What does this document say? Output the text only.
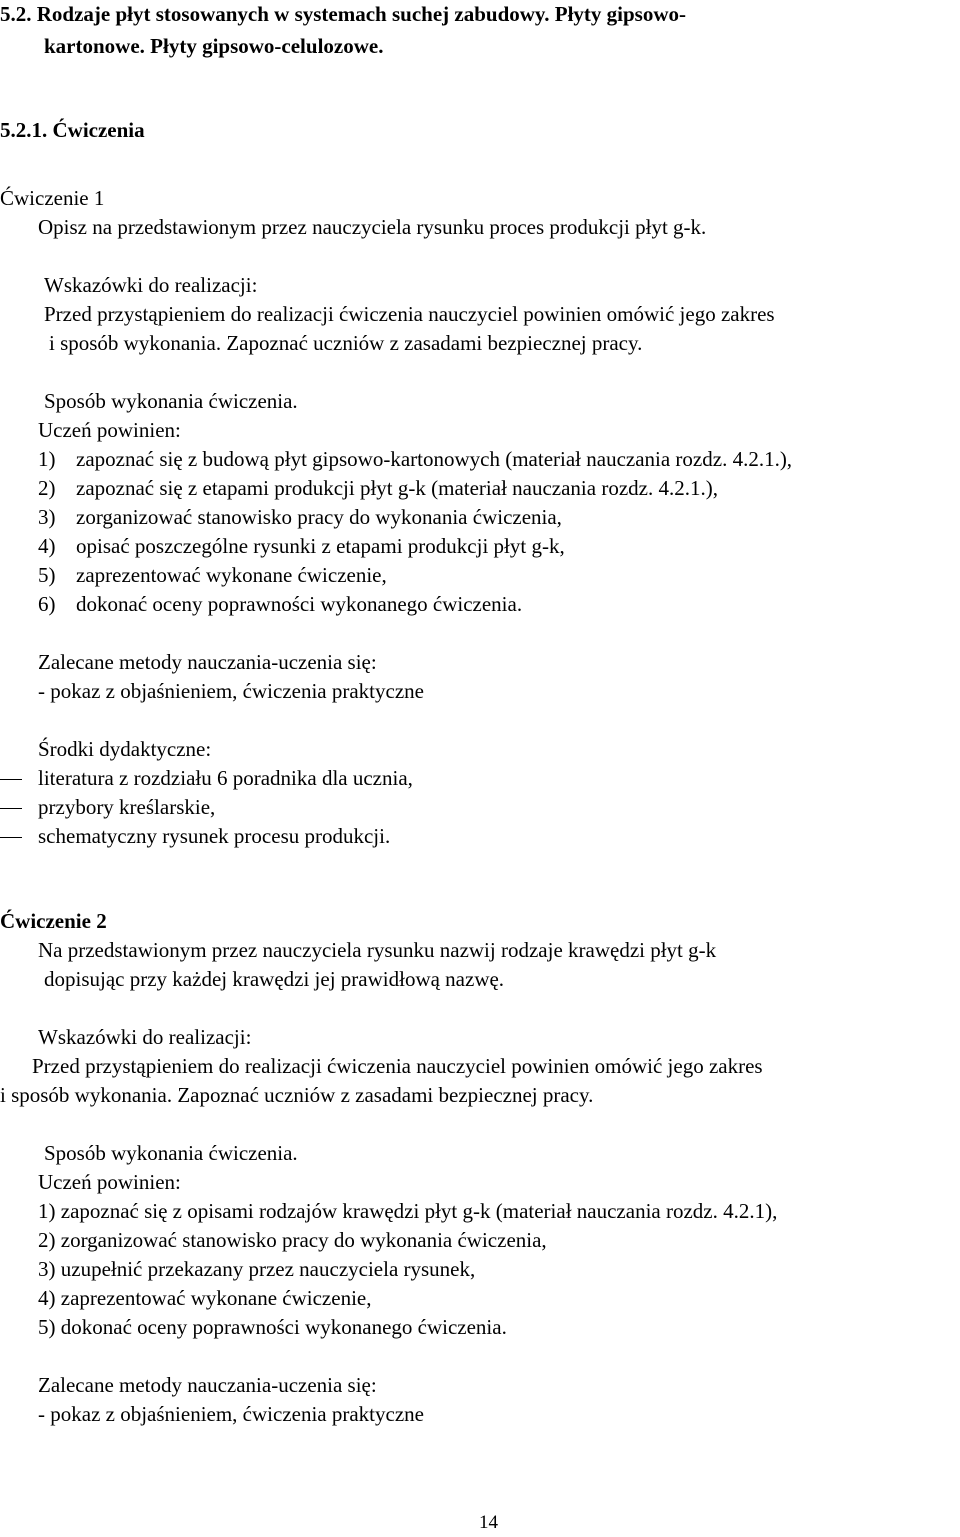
5.2. Rodzaje płyt stosowanych w systemach suchej zabudowy. Płyty gipsowo-
kartonowe. Płyty gipsowo-celulozowe.
5.2.1. Ćwiczenia
Ćwiczenie 1
Opisz na przedstawionym przez nauczyciela rysunku proces produkcji płyt g-k.
Wskazówki do realizacji:
Przed przystąpieniem do realizacji ćwiczenia nauczyciel powinien omówić jego zakres
i sposób wykonania. Zapoznać uczniów z zasadami bezpiecznej pracy.
Sposób wykonania ćwiczenia.
Uczeń powinien:
1) zapoznać się z budową płyt gipsowo-kartonowych (materiał nauczania rozdz. 4.2.1.),
2) zapoznać się z etapami produkcji płyt g-k (materiał nauczania rozdz. 4.2.1.),
3) zorganizować stanowisko pracy do wykonania ćwiczenia,
4) opisać poszczególne rysunki z etapami produkcji płyt g-k,
5) zaprezentować wykonane ćwiczenie,
6) dokonać oceny poprawności wykonanego ćwiczenia.
Zalecane metody nauczania-uczenia się:
- pokaz z objaśnieniem, ćwiczenia praktyczne
Środki dydaktyczne:
literatura z rozdziału 6 poradnika dla ucznia,
przybory kreślarskie,
schematyczny rysunek procesu produkcji.
Ćwiczenie 2
Na przedstawionym przez nauczyciela rysunku nazwij rodzaje krawędzi płyt g-k
dopisując przy każdej krawędzi jej prawidłową nazwę.
Wskazówki do realizacji:
Przed przystąpieniem do realizacji ćwiczenia nauczyciel powinien omówić jego zakres
i sposób wykonania. Zapoznać uczniów z zasadami bezpiecznej pracy.
Sposób wykonania ćwiczenia.
Uczeń powinien:
1) zapoznać się z opisami rodzajów krawędzi płyt g-k (materiał nauczania rozdz. 4.2.1),
2) zorganizować stanowisko pracy do wykonania ćwiczenia,
3) uzupełnić przekazany przez nauczyciela rysunek,
4) zaprezentować wykonane ćwiczenie,
5) dokonać oceny poprawności wykonanego ćwiczenia.
Zalecane metody nauczania-uczenia się:
- pokaz z objaśnieniem, ćwiczenia praktyczne
14
